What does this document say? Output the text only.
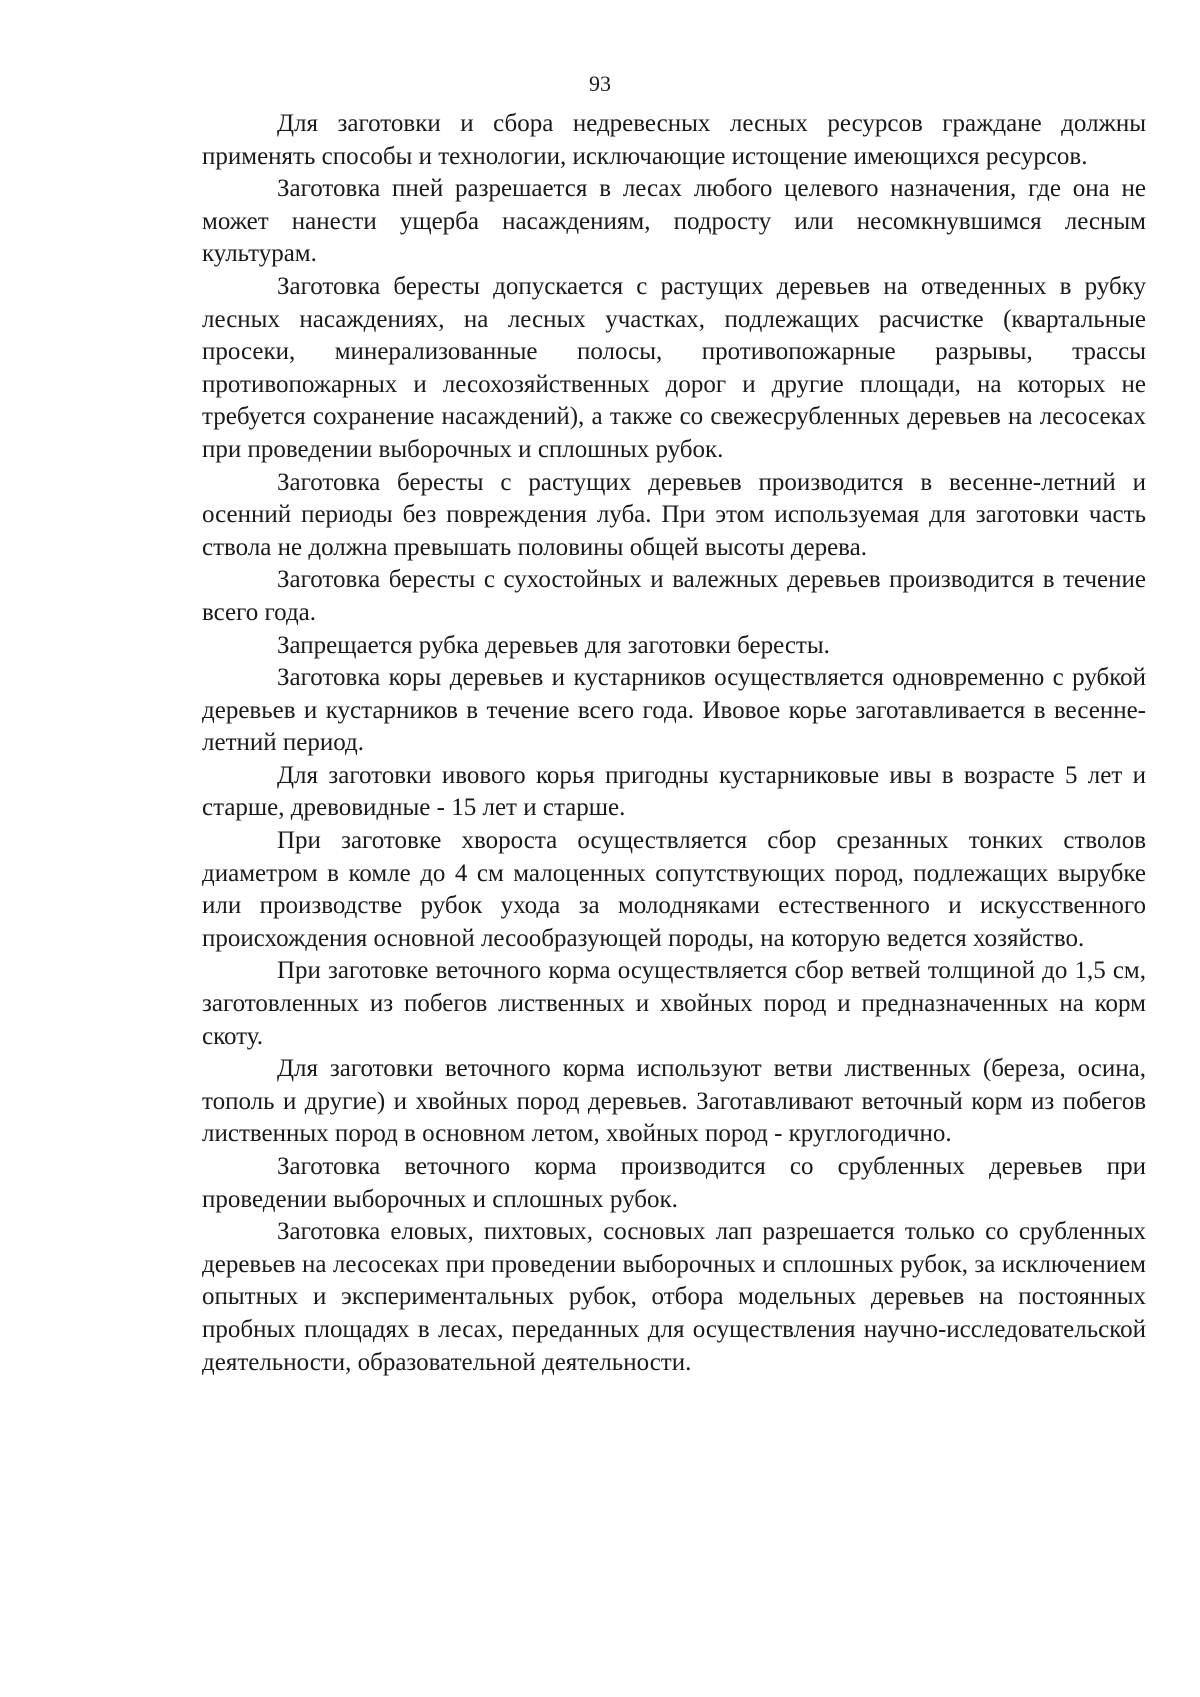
93

Для заготовки и сбора недревесных лесных ресурсов граждане должны применять способы и технологии, исключающие истощение имеющихся ресурсов.

Заготовка пней разрешается в лесах любого целевого назначения, где она не может нанести ущерба насаждениям, подросту или несомкнувшимся лесным культурам.

Заготовка бересты допускается с растущих деревьев на отведенных в рубку лесных насаждениях, на лесных участках, подлежащих расчистке (квартальные просеки, минерализованные полосы, противопожарные разрывы, трассы противопожарных и лесохозяйственных дорог и другие площади, на которых не требуется сохранение насаждений), а также со свежесрубленных деревьев на лесосеках при проведении выборочных и сплошных рубок.

Заготовка бересты с растущих деревьев производится в весенне-летний и осенний периоды без повреждения луба. При этом используемая для заготовки часть ствола не должна превышать половины общей высоты дерева.

Заготовка бересты с сухостойных и валежных деревьев производится в течение всего года.

Запрещается рубка деревьев для заготовки бересты.

Заготовка коры деревьев и кустарников осуществляется одновременно с рубкой деревьев и кустарников в течение всего года. Ивовое корье заготавливается в весенне-летний период.

Для заготовки ивового корья пригодны кустарниковые ивы в возрасте 5 лет и старше, древовидные - 15 лет и старше.

При заготовке хвороста осуществляется сбор срезанных тонких стволов диаметром в комле до 4 см малоценных сопутствующих пород, подлежащих вырубке или производстве рубок ухода за молодняками естественного и искусственного происхождения основной лесообразующей породы, на которую ведется хозяйство.

При заготовке веточного корма осуществляется сбор ветвей толщиной до 1,5 см, заготовленных из побегов лиственных и хвойных пород и предназначенных на корм скоту.

Для заготовки веточного корма используют ветви лиственных (береза, осина, тополь и другие) и хвойных пород деревьев. Заготавливают веточный корм из побегов лиственных пород в основном летом, хвойных пород - круглогодично.

Заготовка веточного корма производится со срубленных деревьев при проведении выборочных и сплошных рубок.

Заготовка еловых, пихтовых, сосновых лап разрешается только со срубленных деревьев на лесосеках при проведении выборочных и сплошных рубок, за исключением опытных и экспериментальных рубок, отбора модельных деревьев на постоянных пробных площадях в лесах, переданных для осуществления научно-исследовательской деятельности, образовательной деятельности.
